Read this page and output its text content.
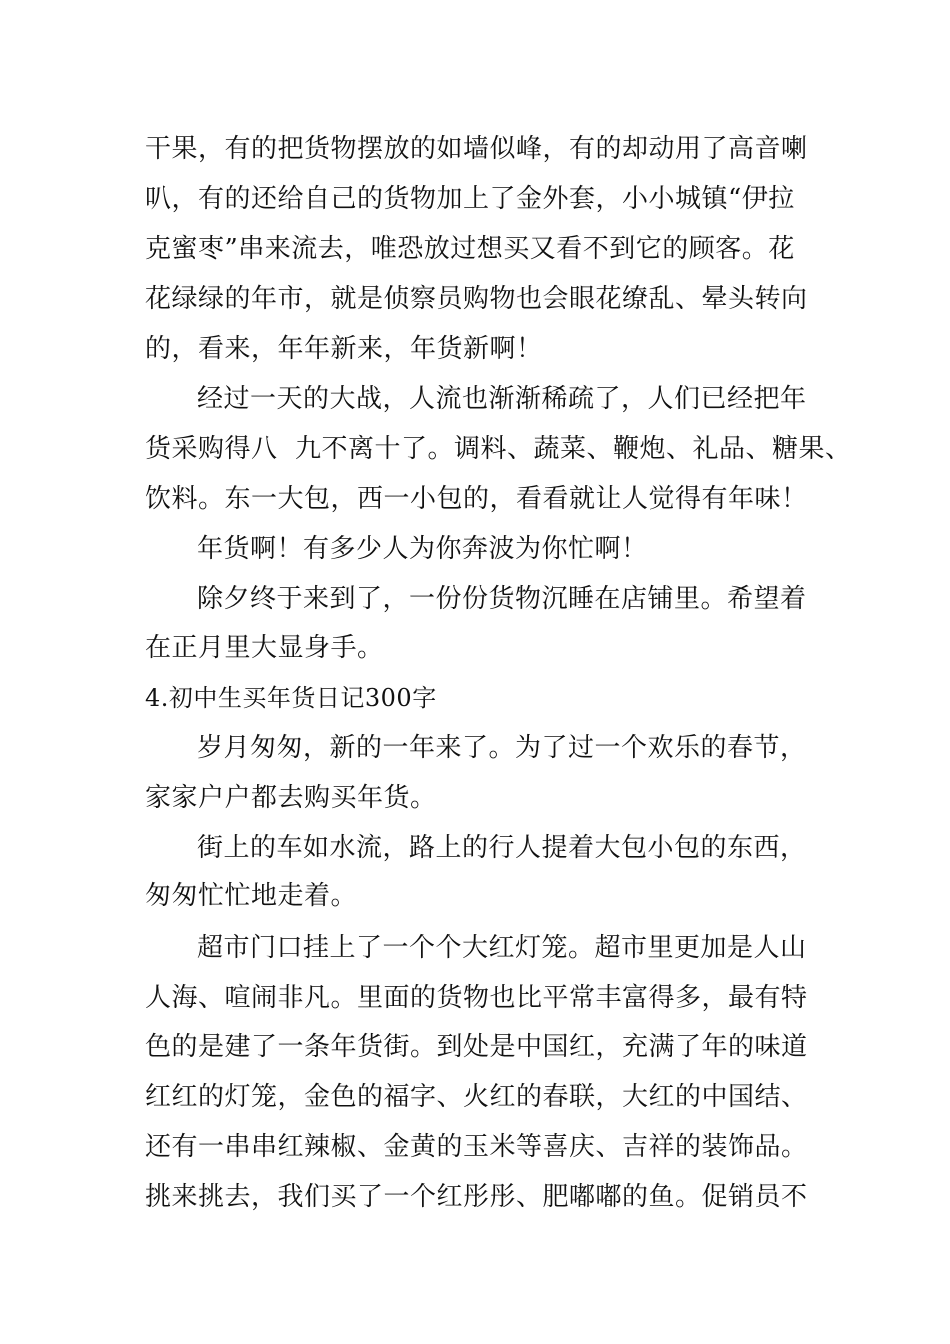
干果，有的把货物摆放的如墙似峰，有的却动用了高音喇
叭，有的还给自己的货物加上了金外套，小小城镇“伊拉
克蜜枣”串来流去，唯恐放过想买又看不到它的顾客。花
花绿绿的年市，就是侦察员购物也会眼花缭乱、晕头转向
的，看来，年年新来，年货新啊！
经过一天的大战，人流也渐渐稀疏了，人们已经把年
货采购得八  九不离十了。调料、蔬菜、鞭炮、礼品、糖果、
饮料。东一大包，西一小包的，看看就让人觉得有年味！
年货啊！有多少人为你奔波为你忙啊！
除夕终于来到了，一份份货物沉睡在店铺里。希望着
在正月里大显身手。
4.初中生买年货日记300字
岁月匆匆，新的一年来了。为了过一个欢乐的春节，
家家户户都去购买年货。
街上的车如水流，路上的行人提着大包小包的东西，
匆匆忙忙地走着。
超市门口挂上了一个个大红灯笼。超市里更加是人山
人海、喧闹非凡。里面的货物也比平常丰富得多，最有特
色的是建了一条年货街。到处是中国红，充满了年的味道
红红的灯笼，金色的福字、火红的春联，大红的中国结、
还有一串串红辣椒、金黄的玉米等喜庆、吉祥的装饰品。
挑来挑去，我们买了一个红彤彤、肥嘟嘟的鱼。促销员不
